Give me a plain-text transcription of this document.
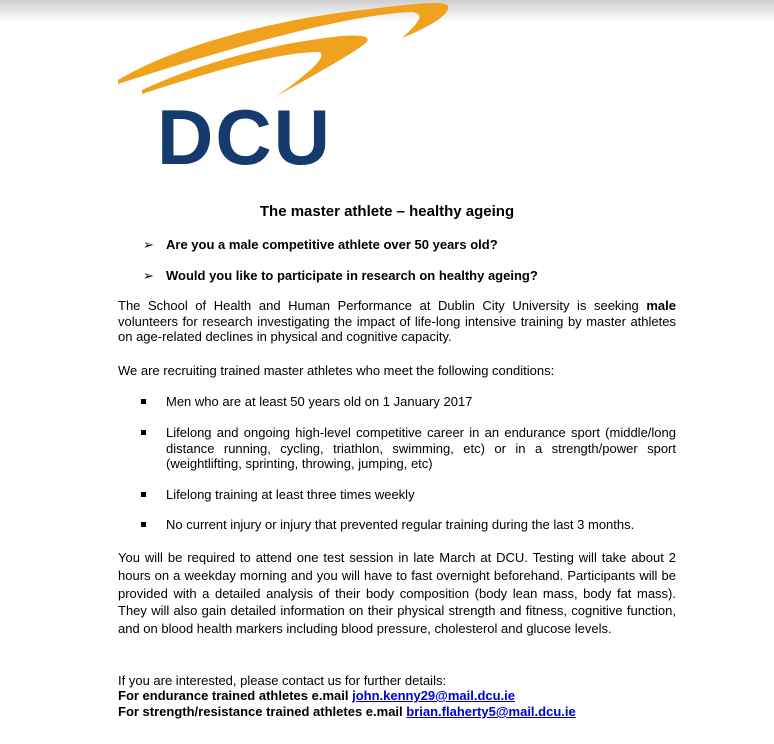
DCU
The master athlete – healthy ageing
➢ Are you a male competitive athlete over 50 years old?
➢ Would you like to participate in research on healthy ageing?
The School of Health and Human Performance at Dublin City University is seeking male volunteers for research investigating the impact of life-long intensive training by master athletes on age-related declines in physical and cognitive capacity.
We are recruiting trained master athletes who meet the following conditions:
Men who are at least 50 years old on 1 January 2017
Lifelong and ongoing high-level competitive career in an endurance sport (middle/long distance running, cycling, triathlon, swimming, etc) or in a strength/power sport (weightlifting, sprinting, throwing, jumping, etc)
Lifelong training at least three times weekly
No current injury or injury that prevented regular training during the last 3 months.
You will be required to attend one test session in late March at DCU. Testing will take about 2 hours on a weekday morning and you will have to fast overnight beforehand. Participants will be provided with a detailed analysis of their body composition (body lean mass, body fat mass). They will also gain detailed information on their physical strength and fitness, cognitive function, and on blood health markers including blood pressure, cholesterol and glucose levels.
If you are interested, please contact us for further details:
For endurance trained athletes e.mail john.kenny29@mail.dcu.ie
For strength/resistance trained athletes e.mail brian.flaherty5@mail.dcu.ie
